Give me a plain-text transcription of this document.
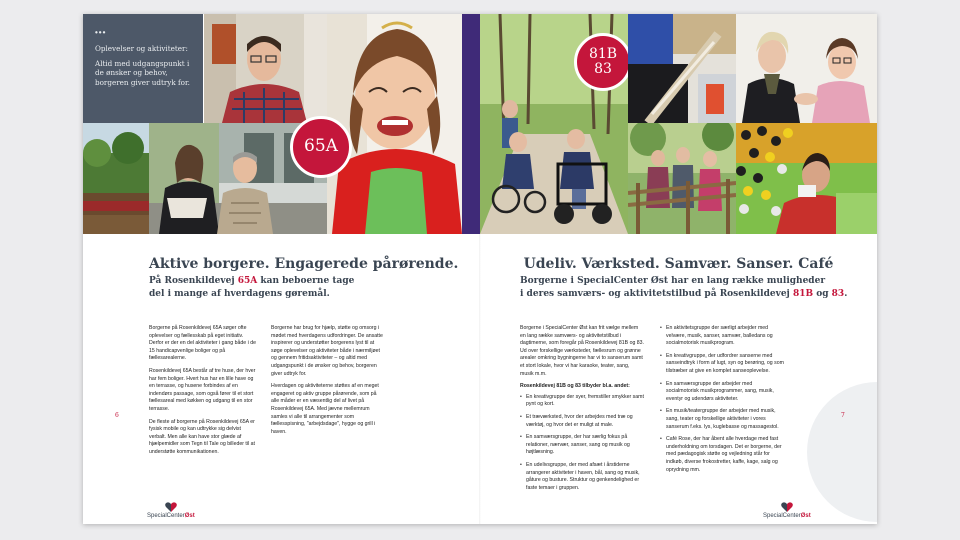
•••

Oplevelser og aktiviteter:

Altid med udgangspunkt i de ønsker og behov, borgeren giver udtryk for.

65A
Aktive borgere. Engagerede pårørende.
På Rosenkildevej 65A kan beboerne tage del i mange af hverdagens gøremål.

Borgerne på Rosenkildevej 65A søger ofte oplevelser og fællesskab på eget initiativ. Derfor er der en del aktiviteter i gang både i de 15 handicapvenlige boliger og på fællesarealerne.

Rosenkildevej 65A består af tre huse, der hver har fem boliger. Hvert hus har en lille have og en terrasse, og husene forbindes af en indendørs passage, som også fører til et stort fællesareal med køkken og udgang til en stor terrasse.

De fleste af borgerne på Rosenkildevej 65A er fysisk mobile og kan udtrykke sig delvist verbalt. Men alle kan have stor glæde af hjælpemidler som Tegn til Tale og billeder til at understøtte kommunikationen.

Borgerne har brug for hjælp, støtte og omsorg i mødet med hverdagens udfordringer. De ansatte inspirerer og understøtter borgerens lyst til at søge oplevelser og aktiviteter både i nærmiljøet og gennem fritidsaktiviteter – og altid med udgangspunkt i de ønsker og behov, borgeren giver udtryk for.

Hverdagen og aktiviteterne støttes af en meget engageret og aktiv gruppe pårørende, som på alle måder er en væsentlig del af livet på Rosenkildevej 65A. Med jævne mellemrum samles vi alle til arrangementer som fællesspisning, "arbejdsdage", hygge og grill i haven.

6
SpecialCenterØst
81B
83
Udeliv. Værksted. Samvær. Sanser. Café
Borgerne i SpecialCenter Øst har en lang række muligheder
i deres samværs- og aktivitetstilbud på Rosenkildevej 81B og 83.

Borgerne i SpecialCenter Øst kan frit vælge mellem en lang række samværs- og aktivitetstilbud i dagtimerne, som foregår på Rosenkildevej 81B og 83. Ud over forskellige værksteder, fællesrum og grønne arealer omkring bygningerne har vi to sanserum samt et stort lokale, hvor vi har karaoke, teater, sang, musik m.m.

Rosenkildevej 81B og 83 tilbyder bl.a. andet:
• En kreativgruppe der syer, fremstiller smykker samt pynt og kort.
• Et træværksted, hvor der arbejdes med træ og værktøj, og hvor det er muligt at male.
• En samværsgruppe, der har særlig fokus på relationer, nærvær, sanser, sang og musik og højtlæsning.
• En udelivsgruppe, der med afsæt i årstiderne arrangerer aktiviteter i haven, bål, sang og musik, gåture og busture. Struktur og genkendelighed er faste temaer i gruppen.
• En aktivitetsgruppe der særligt arbejder med velvære, musik, sanser, samvær, balledans og socialmotorisk musikprogram.
• En kreativgruppe, der udfordrer sanserne med sanseindtryk i form af lugt, syn og berøring, og som tilstræber at give en komplet sanseoplevelse.
• En samværsgruppe der arbejder med socialmotorisk musikprogrammer, sang, musik, eventyr og udendørs aktiviteter.
• En musik/teatergruppe der arbejder med musik, sang, teater og forskellige aktiviteter i vores sanserum f.eks. lys, kuglebasse og massagestol.
• Café Rose, der har åbent alle hverdage med fast underholdning om torsdagen. Det er borgerne, der med pædagogisk støtte og vejledning står for indkøb, diverse frokostretter, kaffe, kage, salg og oprydning mm.
7
SpecialCenterØst
